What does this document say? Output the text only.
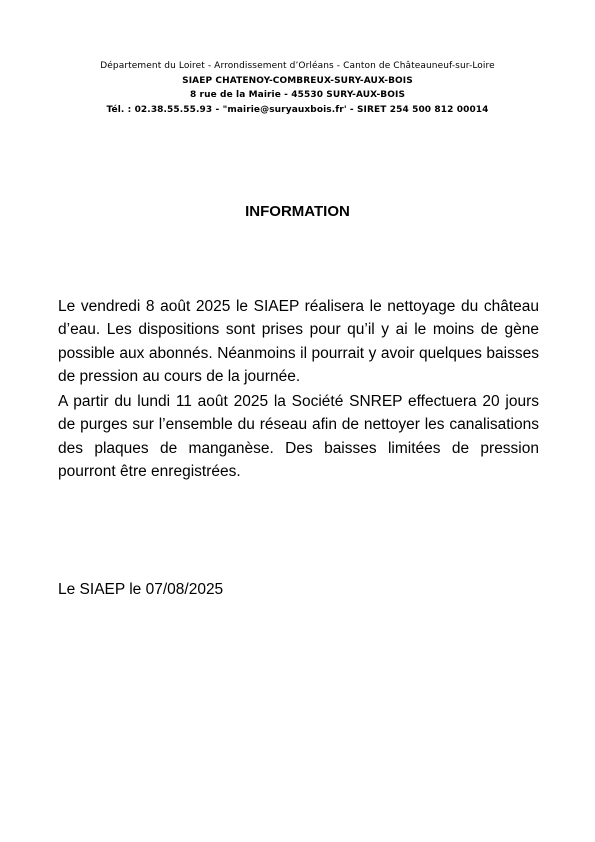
Département du Loiret - Arrondissement d’Orléans - Canton de Châteauneuf-sur-Loire
SIAEP CHATENOY-COMBREUX-SURY-AUX-BOIS
8 rue de la Mairie - 45530 SURY-AUX-BOIS
Tél. : 02.38.55.55.93 - "mairie@suryauxbois.fr' - SIRET 254 500 812 00014
INFORMATION
Le vendredi 8 août 2025 le SIAEP réalisera le nettoyage du château d’eau. Les dispositions sont prises pour qu’il y ai le moins de gène possible aux abonnés. Néanmoins il pourrait y avoir quelques baisses de pression au cours de la journée.
A partir du lundi 11 août 2025 la Société SNREP effectuera 20 jours de purges sur l’ensemble du réseau afin de nettoyer les canalisations des plaques de manganèse. Des baisses limitées de pression pourront être enregistrées.
Le SIAEP le 07/08/2025
